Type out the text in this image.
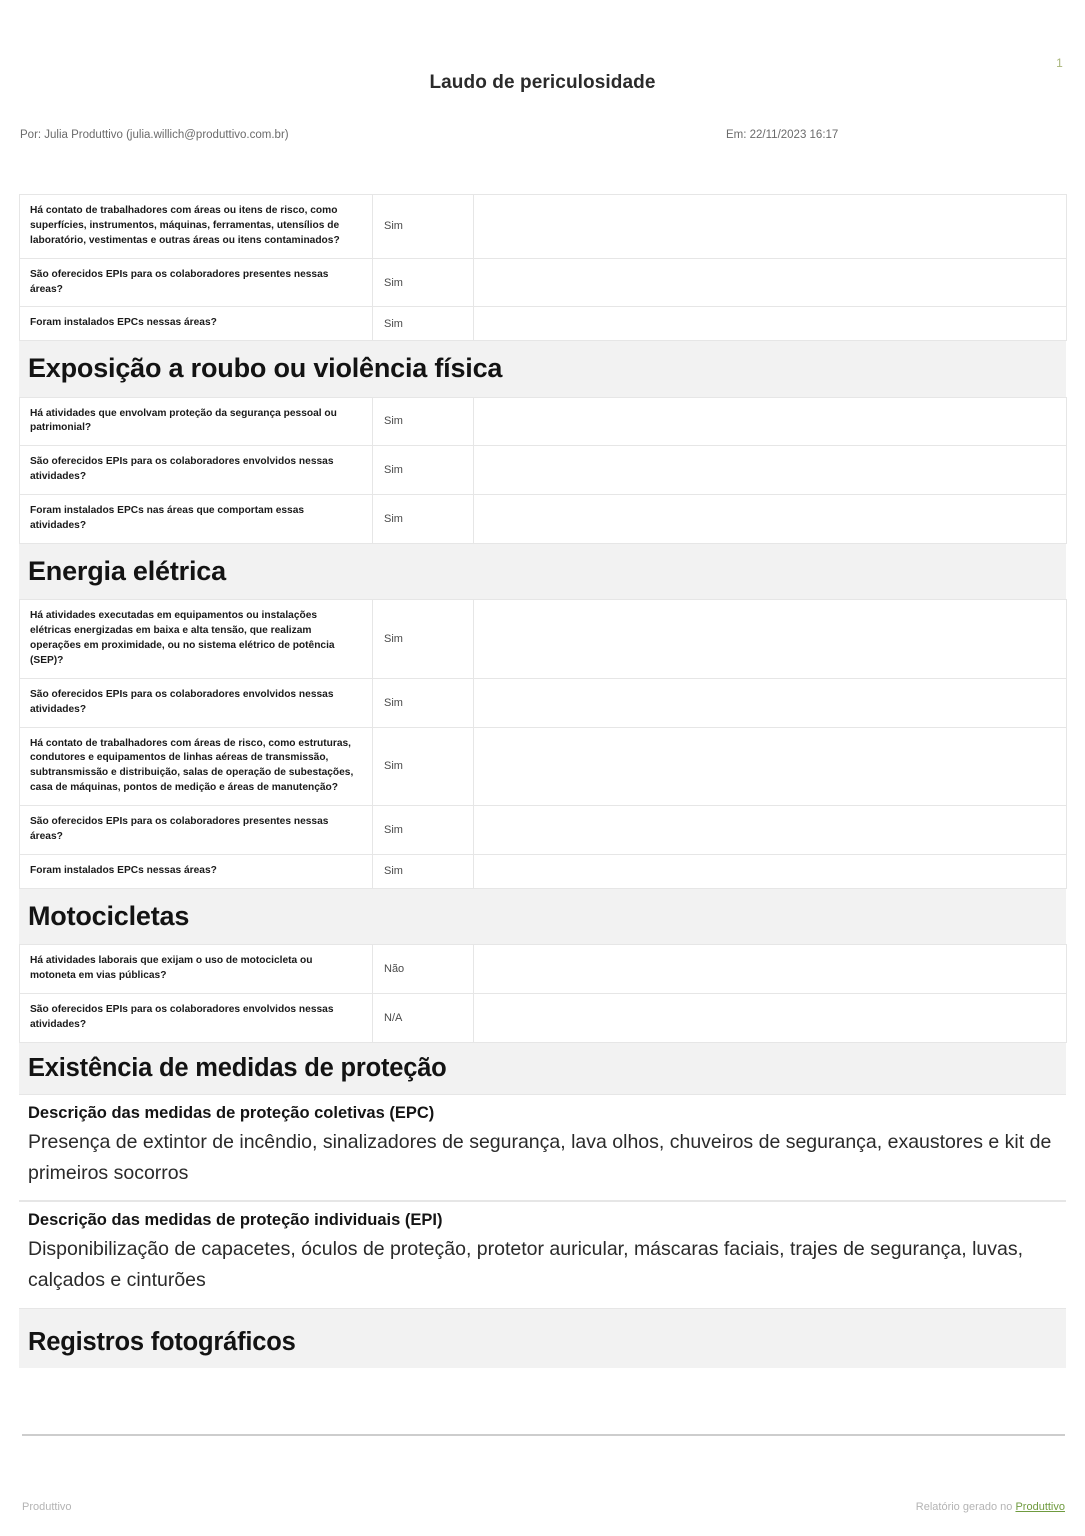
1
Laudo de periculosidade
Por: Julia Produttivo (julia.willich@produttivo.com.br)	Em: 22/11/2023 16:17
Há contato de trabalhadores com áreas ou itens de risco, como superfícies, instrumentos, máquinas, ferramentas, utensílios de laboratório, vestimentas e outras áreas ou itens contaminados?	Sim	
São oferecidos EPIs para os colaboradores presentes nessas áreas?	Sim	
Foram instalados EPCs nessas áreas?	Sim	
Exposição a roubo ou violência física
Há atividades que envolvam proteção da segurança pessoal ou patrimonial?	Sim	
São oferecidos EPIs para os colaboradores envolvidos nessas atividades?	Sim	
Foram instalados EPCs nas áreas que comportam essas atividades?	Sim	
Energia elétrica
Há atividades executadas em equipamentos ou instalações elétricas energizadas em baixa e alta tensão, que realizam operações em proximidade, ou no sistema elétrico de potência (SEP)?	Sim	
São oferecidos EPIs para os colaboradores envolvidos nessas atividades?	Sim	
Há contato de trabalhadores com áreas de risco, como estruturas, condutores e equipamentos de linhas aéreas de transmissão, subtransmissão e distribuição, salas de operação de subestações, casa de máquinas, pontos de medição e áreas de manutenção?	Sim	
São oferecidos EPIs para os colaboradores presentes nessas áreas?	Sim	
Foram instalados EPCs nessas áreas?	Sim	
Motocicletas
Há atividades laborais que exijam o uso de motocicleta ou motoneta em vias públicas?	Não	
São oferecidos EPIs para os colaboradores envolvidos nessas atividades?	N/A	
Existência de medidas de proteção
Descrição das medidas de proteção coletivas (EPC)
Presença de extintor de incêndio, sinalizadores de segurança, lava olhos, chuveiros de segurança, exaustores e kit de primeiros socorros
Descrição das medidas de proteção individuais (EPI)
Disponibilização de capacetes, óculos de proteção, protetor auricular, máscaras faciais, trajes de segurança, luvas, calçados e cinturões
Registros fotográficos
Produttivo	Relatório gerado no Produttivo
